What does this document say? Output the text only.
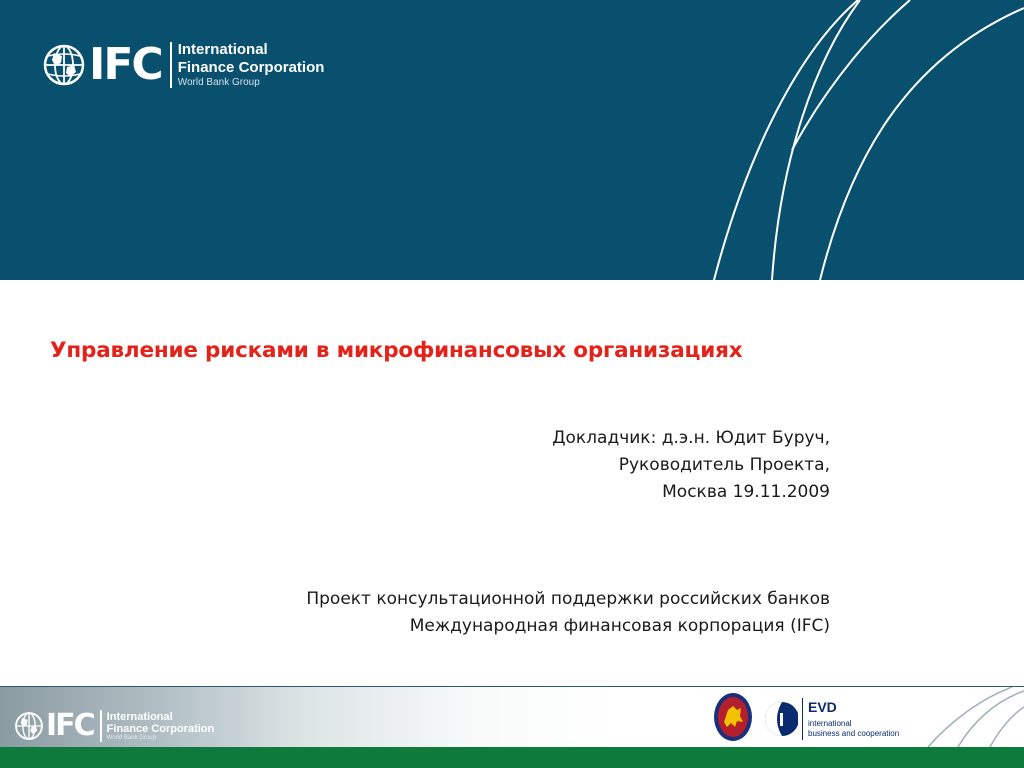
IFC International
Finance Corporation
World Bank Group
Управление рисками в микрофинансовых организациях
Докладчик: д.э.н. Юдит Буруч,
Руководитель Проекта,
Москва 19.11.2009
Проект консультационной поддержки российских банков
Международная финансовая корпорация (IFC)
IFC International
Finance Corporation
World Bank Group
EVD
international
business and cooperation
